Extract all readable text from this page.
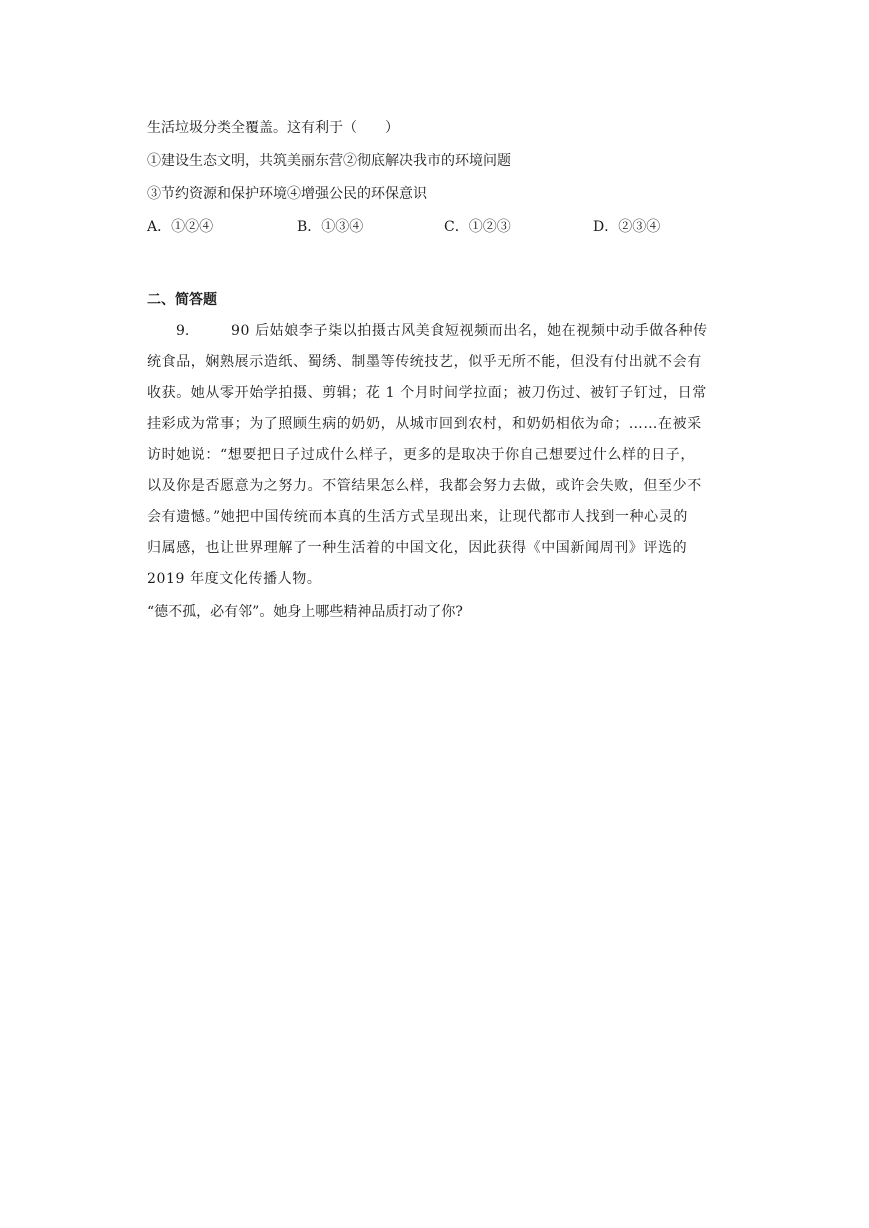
生活垃圾分类全覆盖。这有利于（　　）
①建设生态文明，共筑美丽东营②彻底解决我市的环境问题
③节约资源和保护环境④增强公民的环保意识
A．①②④	B．①③④	C．①②③	D．②③④
二、简答题
9.	90 后姑娘李子柒以拍摄古风美食短视频而出名，她在视频中动手做各种传
统食品，娴熟展示造纸、蜀绣、制墨等传统技艺，似乎无所不能，但没有付出就不会有
收获。她从零开始学拍摄、剪辑；花 1 个月时间学拉面；被刀伤过、被钉子钉过，日常
挂彩成为常事；为了照顾生病的奶奶，从城市回到农村，和奶奶相依为命；……在被采
访时她说：“想要把日子过成什么样子，更多的是取决于你自己想要过什么样的日子，
以及你是否愿意为之努力。不管结果怎么样，我都会努力去做，或许会失败，但至少不
会有遗憾。”她把中国传统而本真的生活方式呈现出来，让现代都市人找到一种心灵的
归属感，也让世界理解了一种生活着的中国文化，因此获得《中国新闻周刊》评选的
2019 年度文化传播人物。
“德不孤，必有邻”。她身上哪些精神品质打动了你?
